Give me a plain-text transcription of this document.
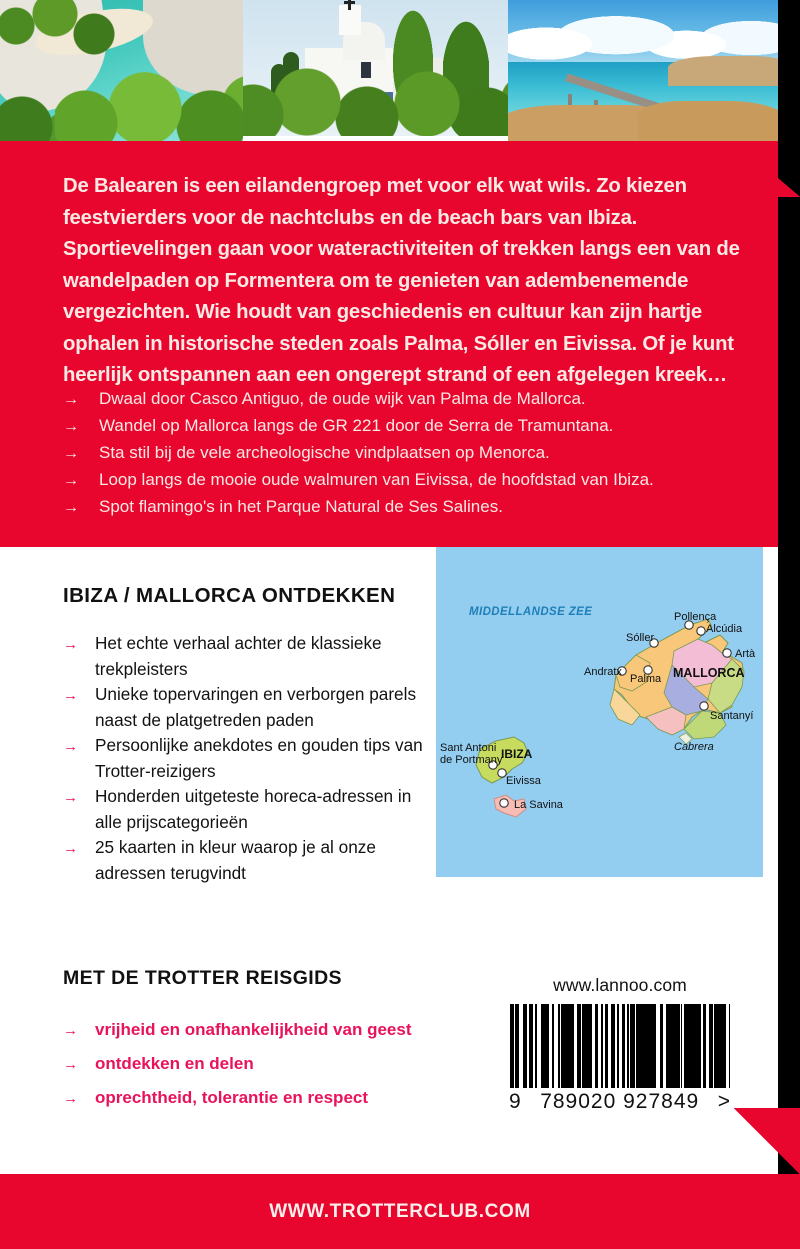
De Balearen is een eilandengroep met voor elk wat wils. Zo kiezen feestvierders voor de nachtclubs en de beach bars van Ibiza. Sportievelingen gaan voor wateractiviteiten of trekken langs een van de wandelpaden op Formentera om te genieten van adembenemende vergezichten. Wie houdt van geschiedenis en cultuur kan zijn hartje ophalen in historische steden zoals Palma, Sóller en Eivissa. Of je kunt heerlijk ontspannen aan een ongerept strand of een afgelegen kreek…

→	Dwaal door Casco Antiguo, de oude wijk van Palma de Mallorca.
→	Wandel op Mallorca langs de GR 221 door de Serra de Tramuntana.
→	Sta stil bij de vele archeologische vindplaatsen op Menorca.
→	Loop langs de mooie oude walmuren van Eivissa, de hoofdstad van Ibiza.
→	Spot flamingo's in het Parque Natural de Ses Salines.
IBIZA / MALLORCA ONTDEKKEN
→ Het echte verhaal achter de klassieke trekpleisters
→ Unieke topervaringen en verborgen parels naast de platgetreden paden
→ Persoonlijke anekdotes en gouden tips van Trotter-reizigers
→ Honderden uitgeteste horeca-adressen in alle prijscategorieën
→ 25 kaarten in kleur waarop je al onze adressen terugvindt
MET DE TROTTER REISGIDS
→	vrijheid en onafhankelijkheid van geest
→	ontdekken en delen
→	oprechtheid, tolerantie en respect
MIDDELLANDSE ZEE	Pollença
Alcúdia
Sóller
Artà
Andratx
Palma
Santanyí
Cabrera
MALLORCA
Sant Antoni
de Portmany
IBIZA
Eivissa
La Savina
www.lannoo.com
9 789020 927849 >
WWW.TROTTERCLUB.COM
